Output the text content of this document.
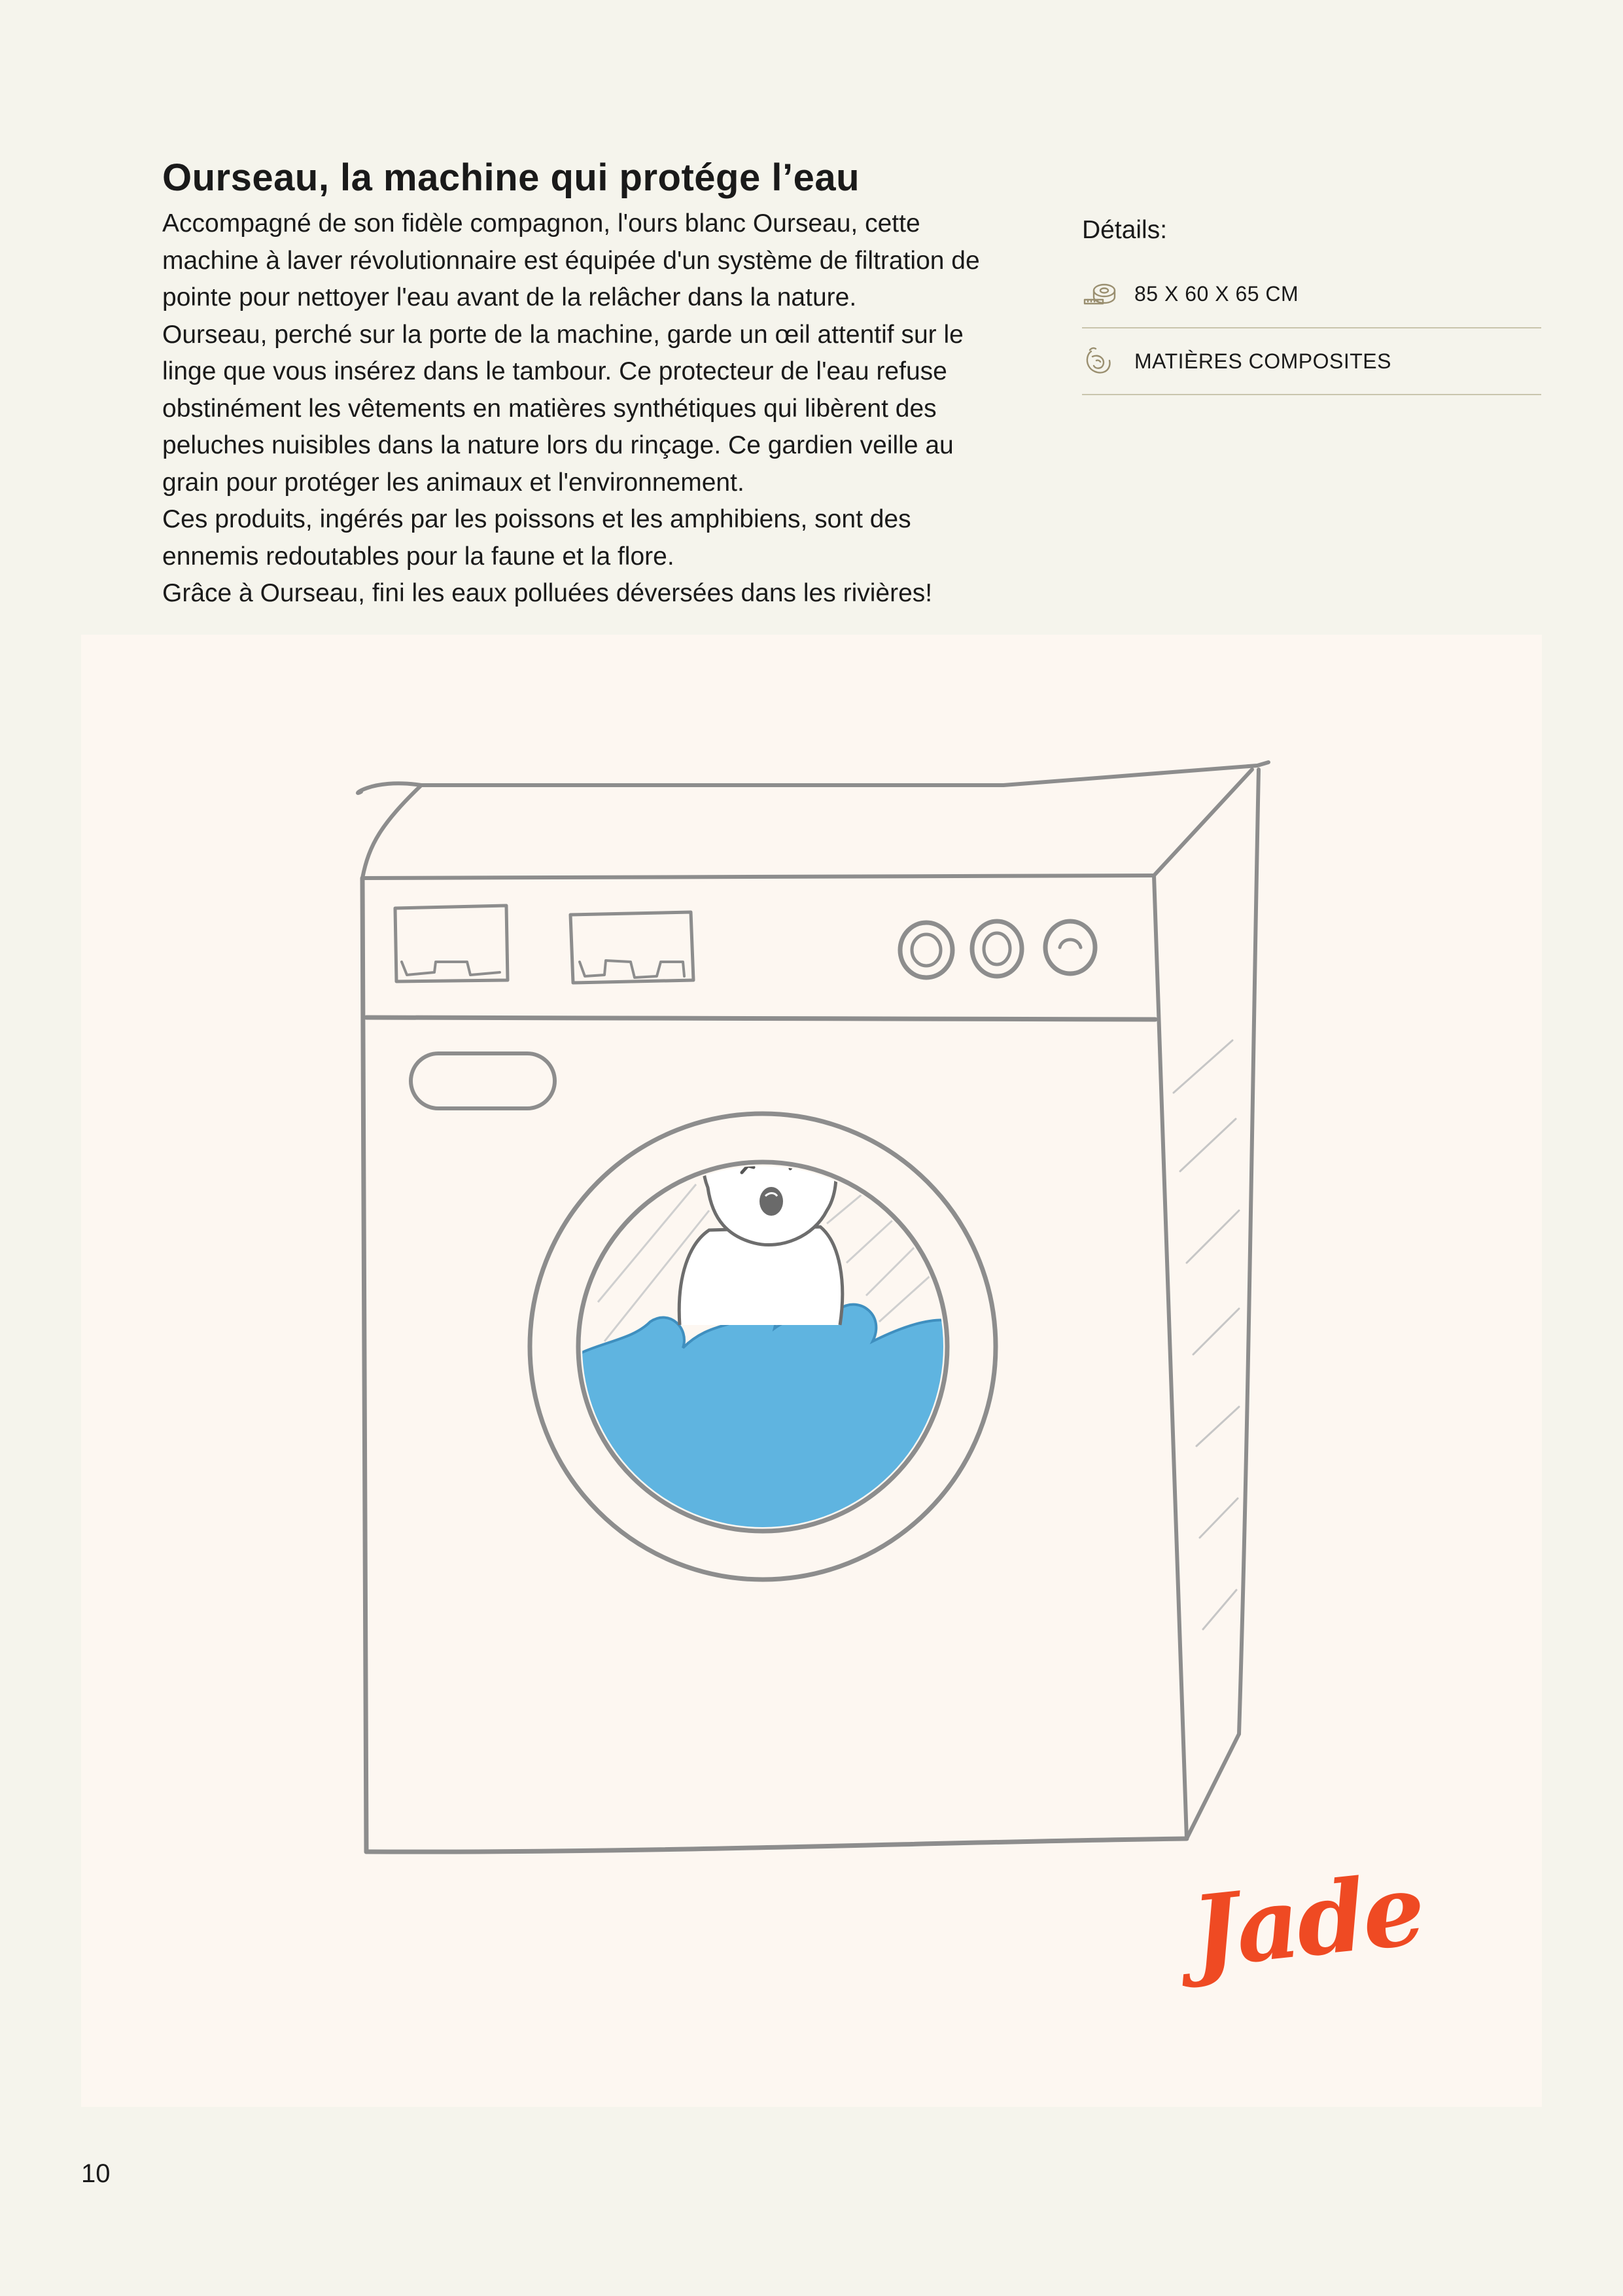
Ourseau, la machine qui protége l’eau

Accompagné de son fidèle compagnon, l'ours blanc Ourseau, cette machine à laver révolutionnaire est équipée d'un système de filtration de pointe pour nettoyer l'eau avant de la relâcher dans la nature.

Ourseau, perché sur la porte de la machine, garde un œil attentif sur le linge que vous insérez dans le tambour. Ce protecteur de l'eau refuse obstinément les vêtements en matières synthétiques qui libèrent des peluches nuisibles dans la nature lors du rinçage. Ce gardien veille au grain pour protéger les animaux et l'environnement.

Ces produits, ingérés par les poissons et les amphibiens, sont des ennemis redoutables pour la faune et la flore.

Grâce à Ourseau, fini les eaux polluées déversées dans les rivières!

Détails:
85 X 60 X 65 CM
MATIÈRES COMPOSITES
Jade
10
